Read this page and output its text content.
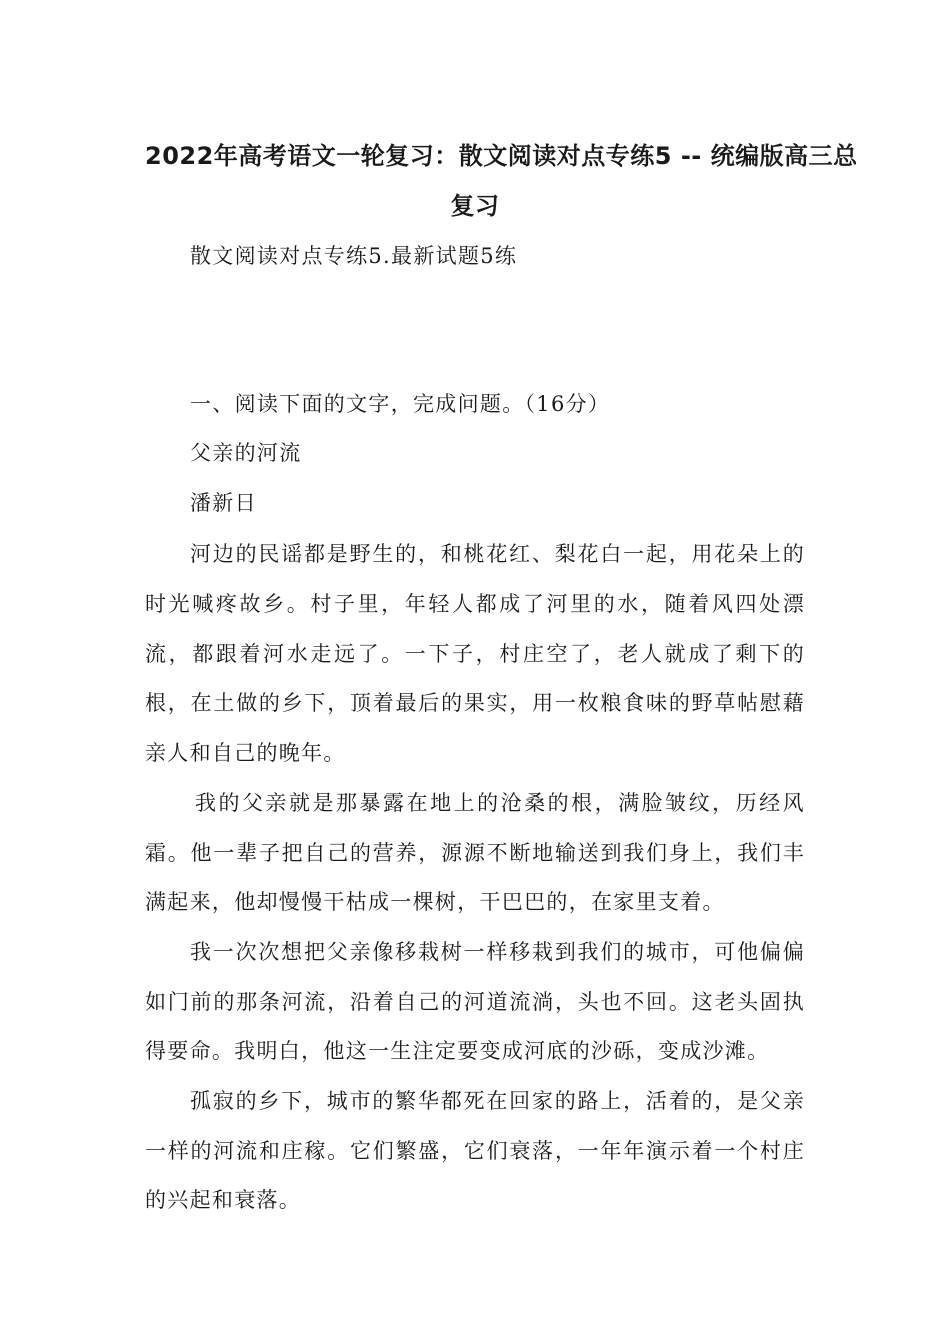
2022年高考语文一轮复习：散文阅读对点专练5 -- 统编版高三总
复习

散文阅读对点专练5.最新试题5练

一、阅读下面的文字，完成问题。（16分）

父亲的河流

潘新日

河边的民谣都是野生的，和桃花红、梨花白一起，用花朵上的

时光喊疼故乡。村子里，年轻人都成了河里的水，随着风四处漂

流，都跟着河水走远了。一下子，村庄空了，老人就成了剩下的

根，在土做的乡下，顶着最后的果实，用一枚粮食味的野草帖慰藉

亲人和自己的晚年。

我的父亲就是那暴露在地上的沧桑的根，满脸皱纹，历经风

霜。他一辈子把自己的营养，源源不断地输送到我们身上，我们丰

满起来，他却慢慢干枯成一棵树，干巴巴的，在家里支着。

我一次次想把父亲像移栽树一样移栽到我们的城市，可他偏偏

如门前的那条河流，沿着自己的河道流淌，头也不回。这老头固执

得要命。我明白，他这一生注定要变成河底的沙砾，变成沙滩。

孤寂的乡下，城市的繁华都死在回家的路上，活着的，是父亲

一样的河流和庄稼。它们繁盛，它们衰落，一年年演示着一个村庄

的兴起和衰落。
